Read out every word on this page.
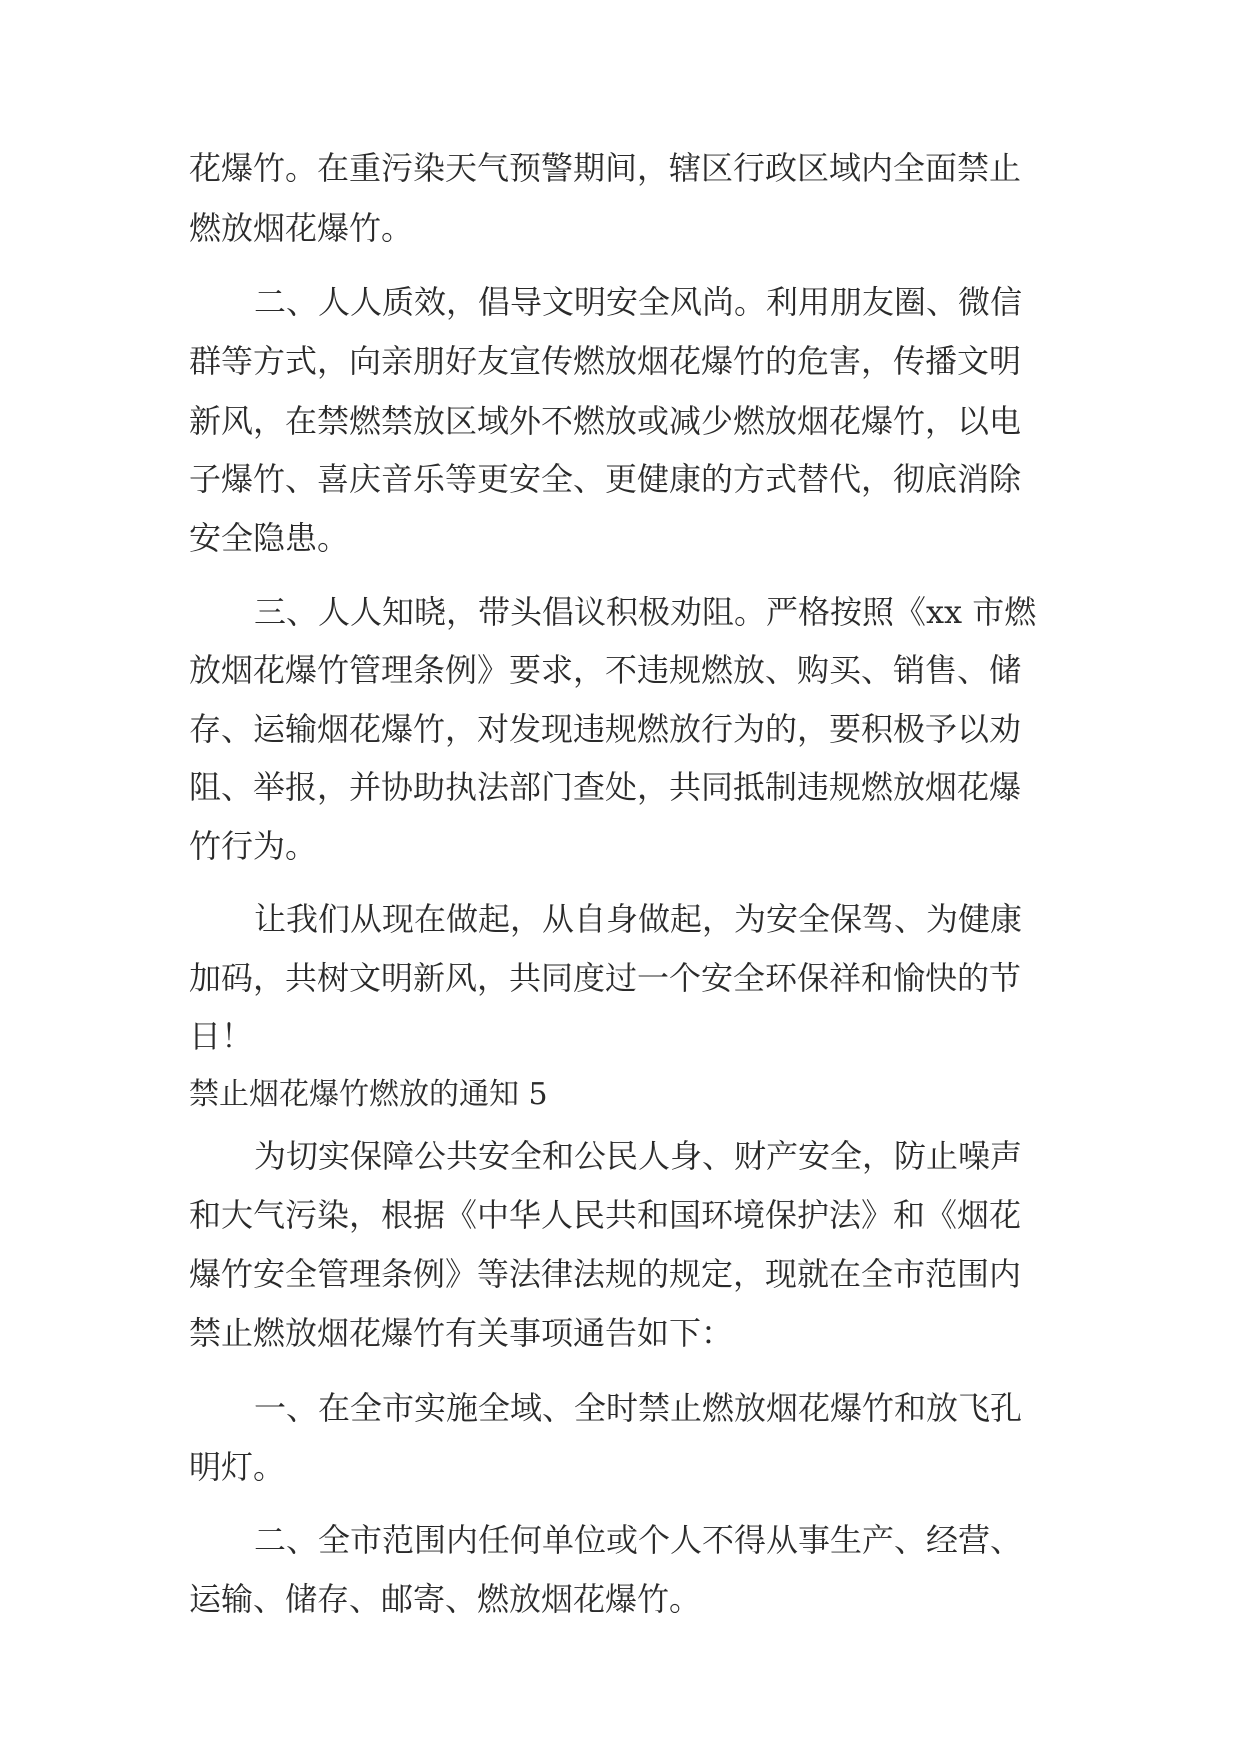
花爆竹。在重污染天气预警期间，辖区行政区域内全面禁止
燃放烟花爆竹。
二、人人质效，倡导文明安全风尚。利用朋友圈、微信
群等方式，向亲朋好友宣传燃放烟花爆竹的危害，传播文明
新风，在禁燃禁放区域外不燃放或减少燃放烟花爆竹，以电
子爆竹、喜庆音乐等更安全、更健康的方式替代，彻底消除
安全隐患。
三、人人知晓，带头倡议积极劝阻。严格按照《xx 市燃
放烟花爆竹管理条例》要求，不违规燃放、购买、销售、储
存、运输烟花爆竹，对发现违规燃放行为的，要积极予以劝
阻、举报，并协助执法部门查处，共同抵制违规燃放烟花爆
竹行为。
让我们从现在做起，从自身做起，为安全保驾、为健康
加码，共树文明新风，共同度过一个安全环保祥和愉快的节
日！
禁止烟花爆竹燃放的通知 5
为切实保障公共安全和公民人身、财产安全，防止噪声
和大气污染，根据《中华人民共和国环境保护法》和《烟花
爆竹安全管理条例》等法律法规的规定，现就在全市范围内
禁止燃放烟花爆竹有关事项通告如下：
一、在全市实施全域、全时禁止燃放烟花爆竹和放飞孔
明灯。
二、全市范围内任何单位或个人不得从事生产、经营、
运输、储存、邮寄、燃放烟花爆竹。
